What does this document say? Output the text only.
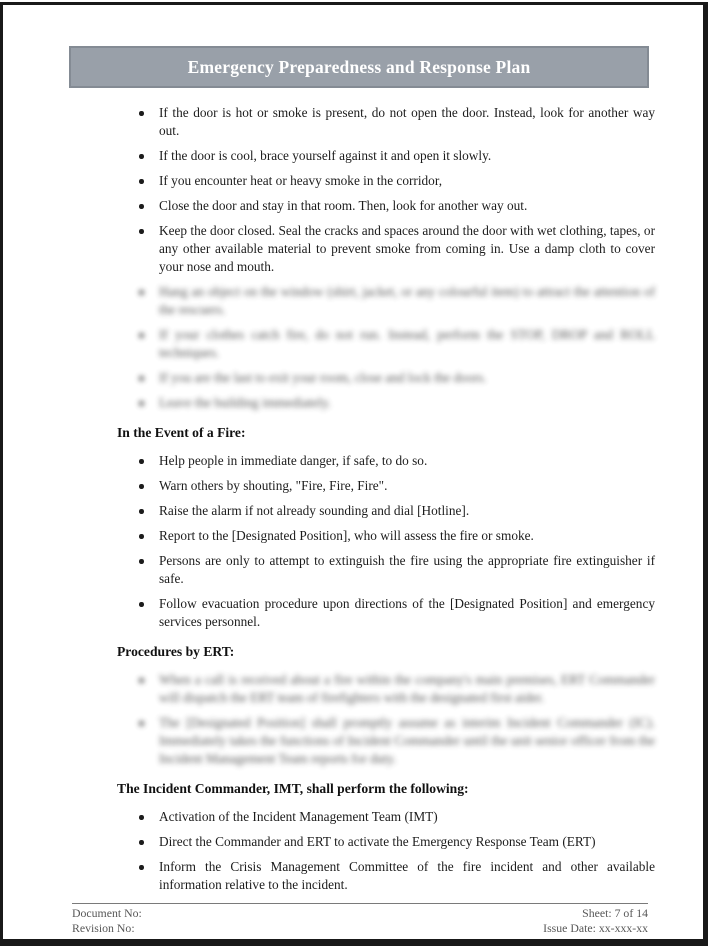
Emergency Preparedness and Response Plan
If the door is hot or smoke is present, do not open the door. Instead, look for another way out.
If the door is cool, brace yourself against it and open it slowly.
If you encounter heat or heavy smoke in the corridor,
Close the door and stay in that room. Then, look for another way out.
Keep the door closed. Seal the cracks and spaces around the door with wet clothing, tapes, or any other available material to prevent smoke from coming in. Use a damp cloth to cover your nose and mouth.
Hang an object on the window (shirt, jacket, or any colourful item) to attract the attention of the rescuers.
If your clothes catch fire, do not run. Instead, perform the STOP, DROP and ROLL techniques.
If you are the last to exit your room, close and lock the doors.
Leave the building immediately.
In the Event of a Fire:
Help people in immediate danger, if safe, to do so.
Warn others by shouting, "Fire, Fire, Fire".
Raise the alarm if not already sounding and dial [Hotline].
Report to the [Designated Position], who will assess the fire or smoke.
Persons are only to attempt to extinguish the fire using the appropriate fire extinguisher if safe.
Follow evacuation procedure upon directions of the [Designated Position] and emergency services personnel.
Procedures by ERT:
When a call is received about a fire within the company's main premises, ERT Commander will dispatch the ERT team of firefighters with the designated first aider.
The [Designated Position] shall promptly assume as interim Incident Commander (IC). Immediately takes the functions of Incident Commander until the unit senior officer from the Incident Management Team reports for duty.
The Incident Commander, IMT, shall perform the following:
Activation of the Incident Management Team (IMT)
Direct the Commander and ERT to activate the Emergency Response Team (ERT)
Inform the Crisis Management Committee of the fire incident and other available information relative to the incident.
Document No:
Revision No:
Sheet: 7 of 14
Issue Date: xx-xxx-xx
